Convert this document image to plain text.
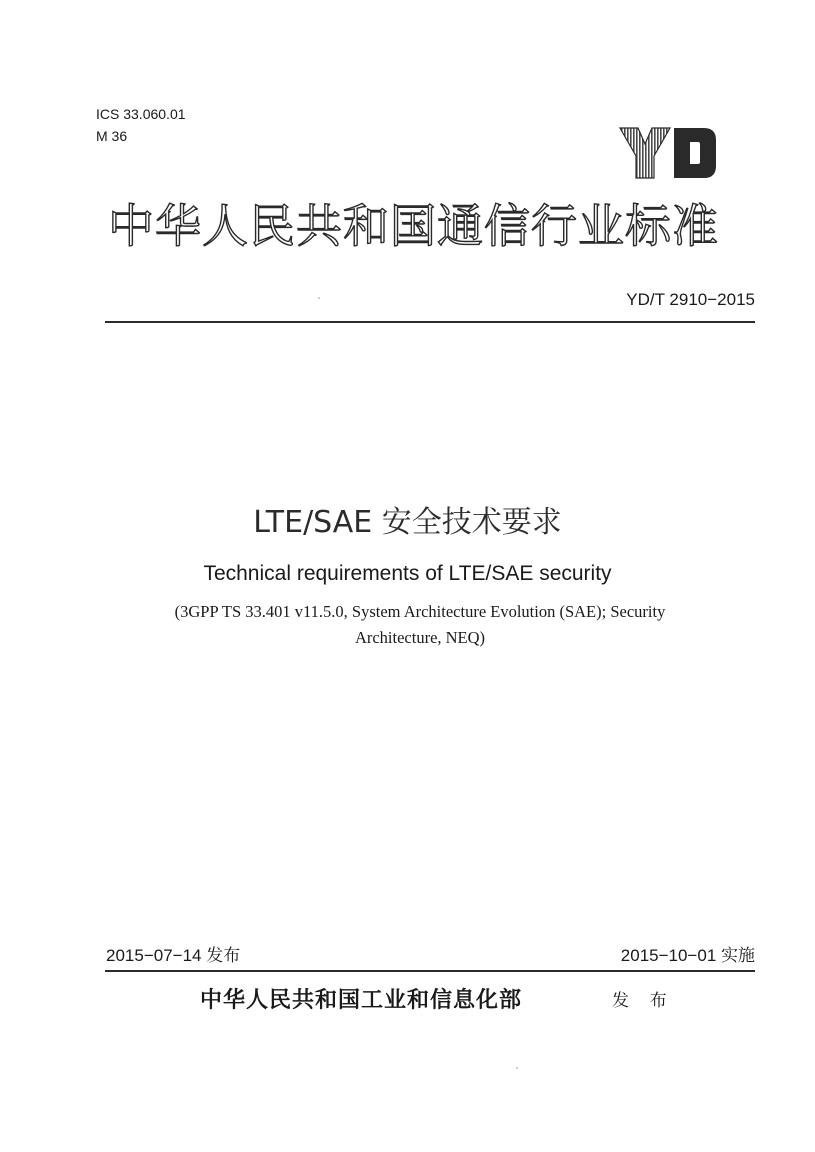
ICS 33.060.01
M 36
中华人民共和国通信行业标准
YD/T 2910−2015
LTE/SAE 安全技术要求
Technical requirements of LTE/SAE security
(3GPP TS 33.401 v11.5.0, System Architecture Evolution (SAE); Security
Architecture, NEQ)
2015−07−14 发布	2015−10−01 实施
中华人民共和国工业和信息化部	发 布
